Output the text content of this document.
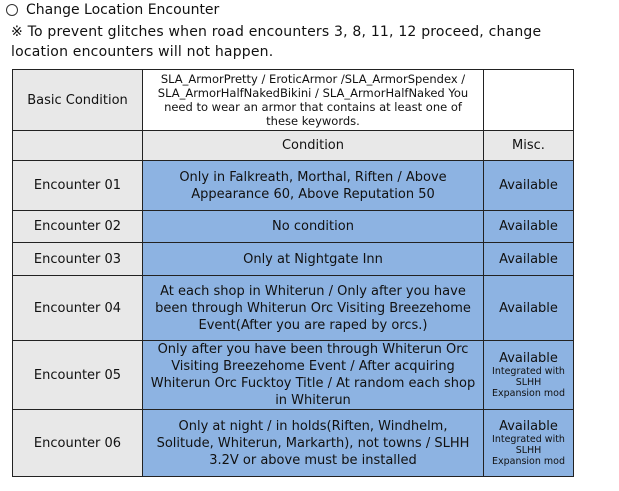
Change Location Encounter
※ To prevent glitches when road encounters 3, 8, 11, 12 proceed, change location encounters will not happen.
Basic Condition	SLA_ArmorPretty / EroticArmor /SLA_ArmorSpendex / SLA_ArmorHalfNakedBikini / SLA_ArmorHalfNaked You need to wear an armor that contains at least one of these keywords.	
	Condition	Misc.
Encounter 01	Only in Falkreath, Morthal, Riften / Above Appearance 60, Above Reputation 50	Available
Encounter 02	No condition	Available
Encounter 03	Only at Nightgate Inn	Available
Encounter 04	At each shop in Whiterun / Only after you have been through Whiterun Orc Visiting Breezehome Event(After you are raped by orcs.)	Available
Encounter 05	Only after you have been through Whiterun Orc Visiting Breezehome Event / After acquiring Whiterun Orc Fucktoy Title / At random each shop in Whiterun	Available
Integrated with SLHH Expansion mod

Encounter 06	Only at night / in holds(Riften, Windhelm, Solitude, Whiterun, Markarth), not towns / SLHH 3.2V or above must be installed	Available
Integrated with SLHH Expansion mod
